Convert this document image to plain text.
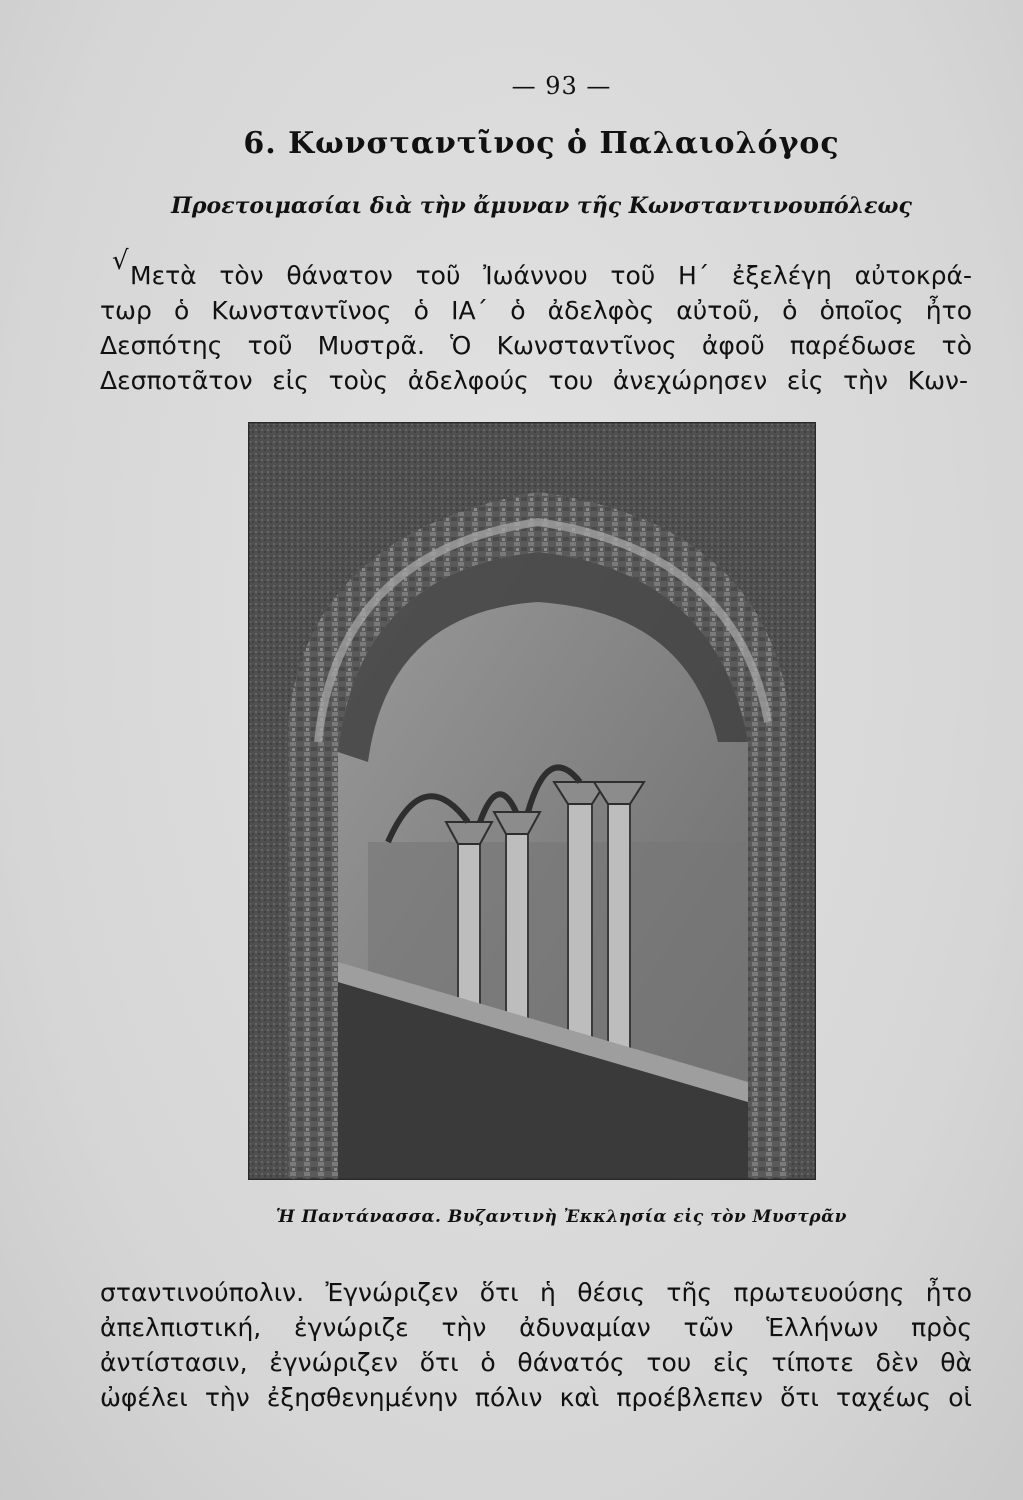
— 93 —
6. Κωνσταντῖνος ὁ Παλαιολόγος
Προετοιμασίαι διὰ τὴν ἄμυναν τῆς Κωνσταντινουπόλεως
√ Μετὰ τὸν θάνατον τοῦ Ἰωάννου τοῦ Η΄ ἐξελέγη αὐτοκρά-
τωρ ὁ Κωνσταντῖνος ὁ ΙΑ΄ ὁ ἀδελφὸς αὐτοῦ, ὁ ὁποῖος ἦτο
Δεσπότης τοῦ Μυστρᾶ. Ὁ Κωνσταντῖνος ἀφοῦ παρέδωσε τὸ
Δεσποτᾶτον εἰς τοὺς ἀδελφούς του ἀνεχώρησεν εἰς τὴν Κων-
Ἡ Παντάνασσα. Βυζαντινὴ Ἐκκλησία εἰς τὸν Μυστρᾶν
σταντινούπολιν. Ἐγνώριζεν ὅτι ἡ θέσις τῆς πρωτευούσης ἦτο
ἀπελπιστική, ἐγνώριζε τὴν ἀδυναμίαν τῶν Ἑλλήνων πρὸς
ἀντίστασιν, ἐγνώριζεν ὅτι ὁ θάνατός του εἰς τίποτε δὲν θὰ
ὠφέλει τὴν ἐξησθενημένην πόλιν καὶ προέβλεπεν ὅτι ταχέως οἱ
